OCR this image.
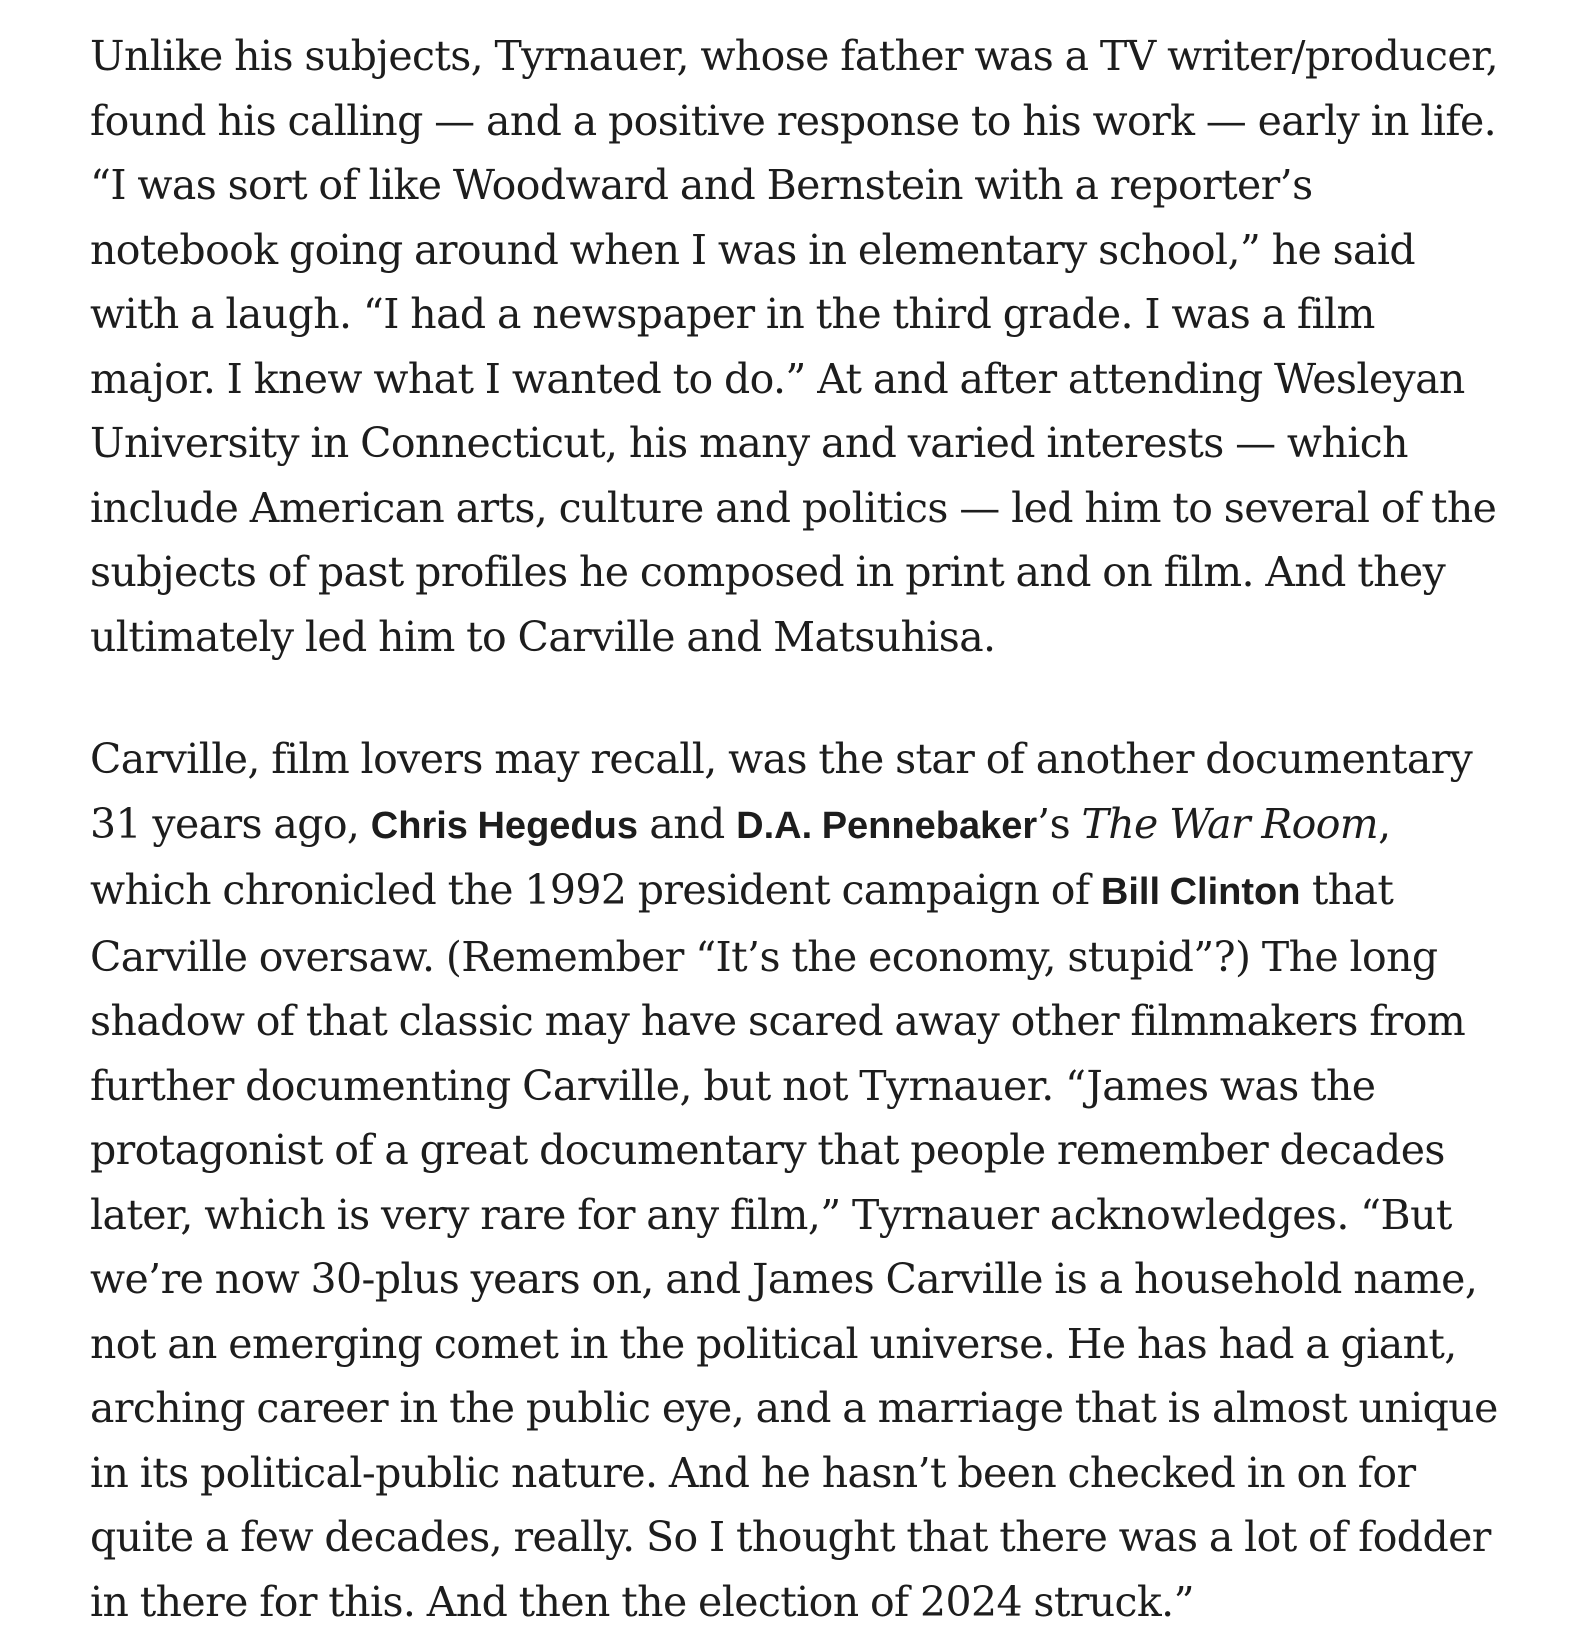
Unlike his subjects, Tyrnauer, whose father was a TV writer/producer, found his calling — and a positive response to his work — early in life. “I was sort of like Woodward and Bernstein with a reporter’s notebook going around when I was in elementary school,” he said with a laugh. “I had a newspaper in the third grade. I was a film major. I knew what I wanted to do.” At and after attending Wesleyan University in Connecticut, his many and varied interests — which include American arts, culture and politics — led him to several of the subjects of past profiles he composed in print and on film. And they ultimately led him to Carville and Matsuhisa.

Carville, film lovers may recall, was the star of another documentary 31 years ago, Chris Hegedus and D.A. Pennebaker’s The War Room, which chronicled the 1992 president campaign of Bill Clinton that Carville oversaw. (Remember “It’s the economy, stupid”?) The long shadow of that classic may have scared away other filmmakers from further documenting Carville, but not Tyrnauer. “James was the protagonist of a great documentary that people remember decades later, which is very rare for any film,” Tyrnauer acknowledges. “But we’re now 30-plus years on, and James Carville is a household name, not an emerging comet in the political universe. He has had a giant, arching career in the public eye, and a marriage that is almost unique in its political-public nature. And he hasn’t been checked in on for quite a few decades, really. So I thought that there was a lot of fodder in there for this. And then the election of 2024 struck.”
